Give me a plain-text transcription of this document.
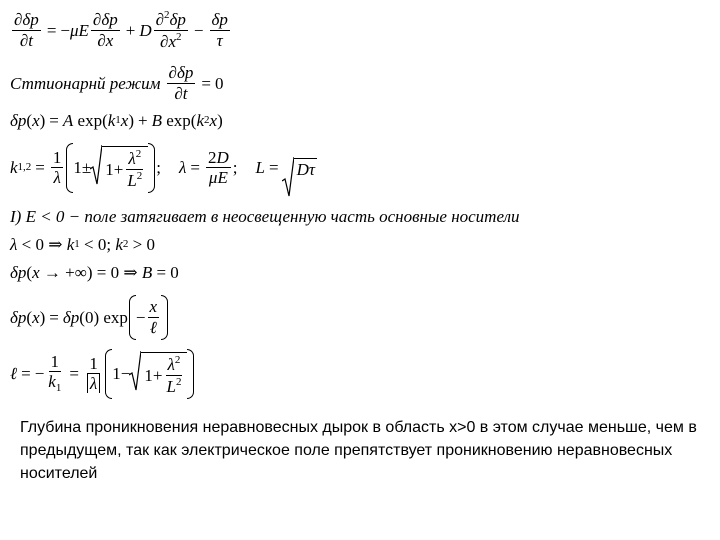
$\frac{\partial\delta p}{\partial t} = -\mu E \frac{\partial\delta p}{\partial x} + D \frac{\partial^2\delta p}{\partial x^2} - \frac{\delta p}{\tau}$
Сттионарнй режим $\frac{\partial\delta p}{\partial t} = 0$
δp ( x ) = A exp( k 1 x ) + B exp( k 2 x )
k $1,2 = \frac{1}{\lambda} 1\pm 1+ \frac{\lambda^2}{L^2}$ ; $\lambda = \frac{2D}{\mu E}$ ; L = Dτ
I) E < 0 − поле затягивает в неосвещенную часть основные носители
λ < 0 ⇒ k 1 < 0; k 2 > 0
δp ( x → +∞) = 0 ⇒ B = 0
δp ( x ) = δp (0) $\exp - \frac{x}{\text{ℓ}}$
ℓ = − $\frac{1}{k_1} = \frac{1}{\lambda} 1- 1+ \frac{\lambda^2}{L^2}$

Глубина проникновения неравновесных дырок в область х>0 в этом случае меньше, чем в предыдущем, так как электрическое поле препятствует проникновению неравновесных носителей
